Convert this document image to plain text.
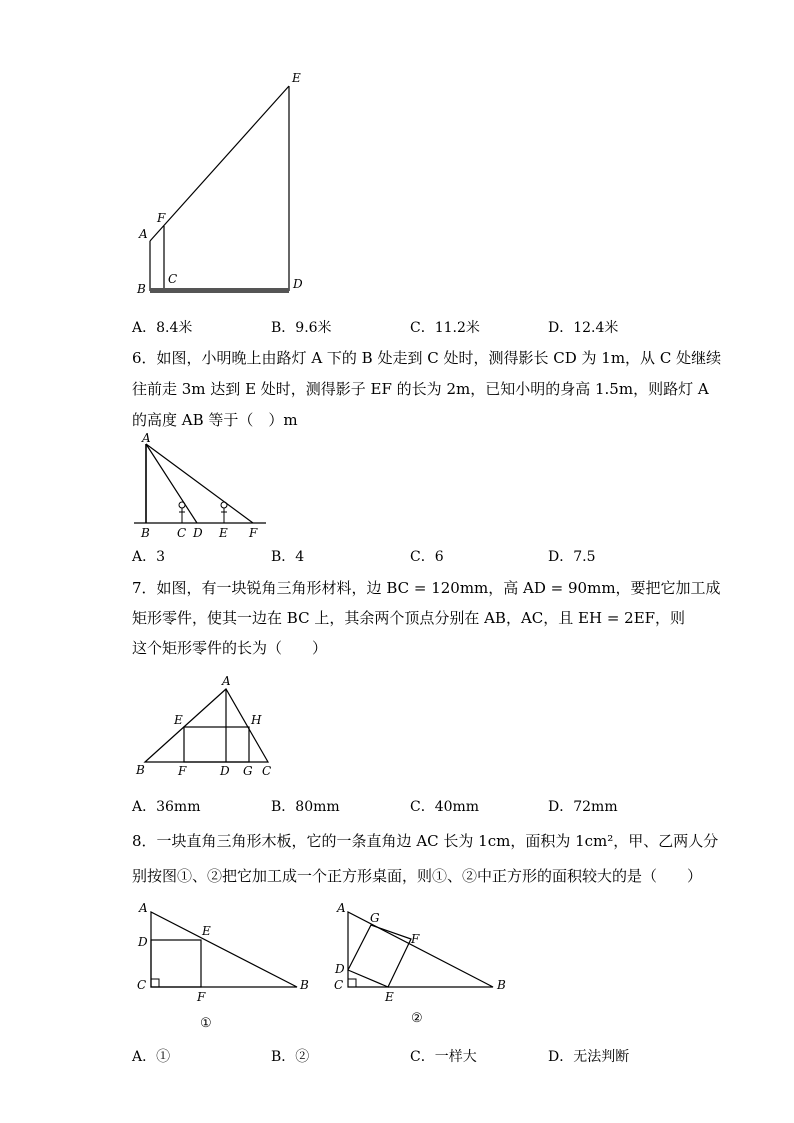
E
F
A
C
B	D
A．8.4米	B．9.6米	C．11.2米	D．12.4米
6．如图，小明晚上由路灯 A 下的 B 处走到 C 处时，测得影长 CD 为 1m，从 C 处继续
往前走 3m 达到 E 处时，测得影子 EF 的长为 2m，已知小明的身高 1.5m，则路灯 A
的高度 AB 等于（　）m
A
B C D E F
A．3	B．4	C．6	D．7.5
7．如图，有一块锐角三角形材料，边 BC = 120mm，高 AD = 90mm，要把它加工成
矩形零件，使其一边在 BC 上，其余两个顶点分别在 AB，AC，且 EH = 2EF，则
这个矩形零件的长为（　　）
A
E	H
B	F	D G C
A．36mm	B．80mm	C．40mm	D．72mm
8．一块直角三角形木板，它的一条直角边 AC 长为 1cm，面积为 1cm²，甲、乙两人分
别按图①、②把它加工成一个正方形桌面，则①、②中正方形的面积较大的是（　　）
A
D
E
C
F
B
①
A
G
F
D
C
E
B
②
A．①	B．②	C．一样大	D．无法判断
